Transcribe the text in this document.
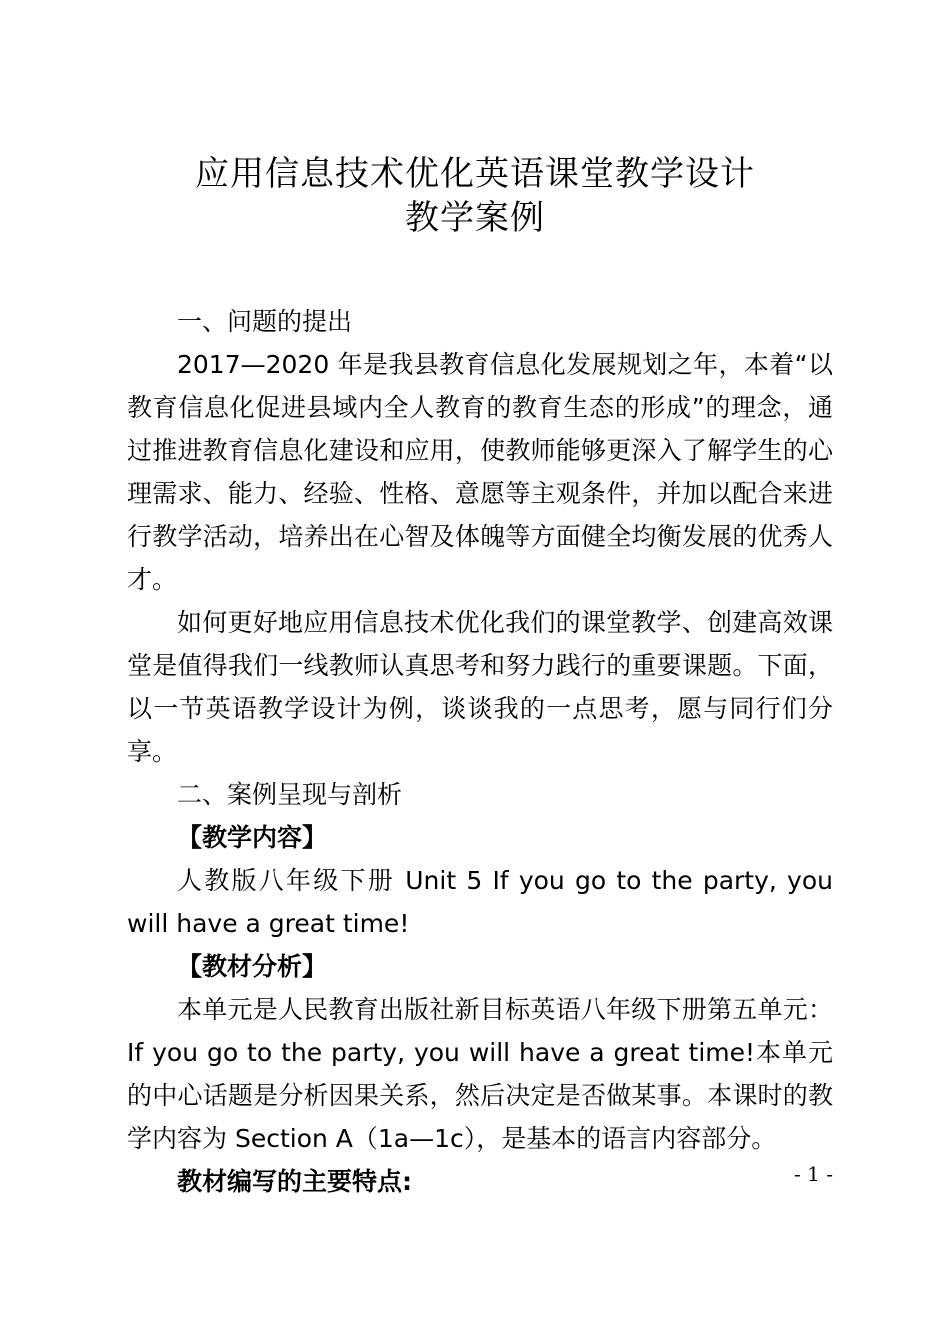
应用信息技术优化英语课堂教学设计
教学案例

一、问题的提出

2017—2020 年是我县教育信息化发展规划之年，本着“以教育信息化促进县域内全人教育的教育生态的形成”的理念，通过推进教育信息化建设和应用，使教师能够更深入了解学生的心理需求、能力、经验、性格、意愿等主观条件，并加以配合来进行教学活动，培养出在心智及体魄等方面健全均衡发展的优秀人才。

如何更好地应用信息技术优化我们的课堂教学、创建高效课堂是值得我们一线教师认真思考和努力践行的重要课题。下面，以一节英语教学设计为例，谈谈我的一点思考，愿与同行们分享。

二、案例呈现与剖析

【教学内容】

人教版八年级下册 Unit 5 If you go to the party, you will have a great time!

【教材分析】

本单元是人民教育出版社新目标英语八年级下册第五单元：If you go to the party, you will have a great time!本单元的中心话题是分析因果关系，然后决定是否做某事。本课时的教学内容为 Section A（1a—1c），是基本的语言内容部分。

教材编写的主要特点:	- 1 -
